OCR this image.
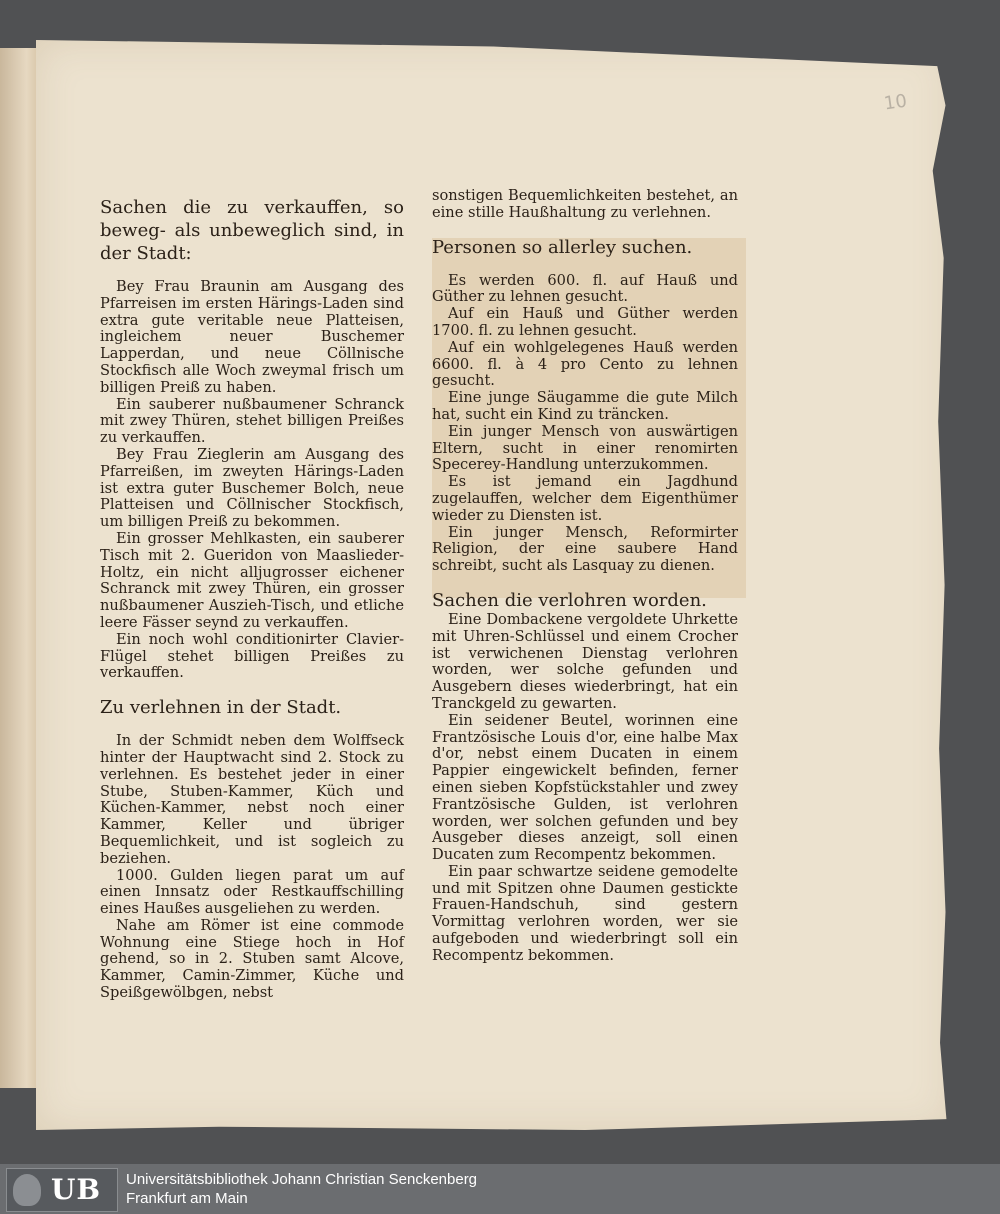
10

Sachen die zu verkauffen, so beweg- als unbeweglich sind, in der Stadt:

Bey Frau Braunin am Ausgang des Pfarreisen im ersten Härings-Laden sind extra gute veritable neue Platteisen, ingleichem neuer Buschemer Lapperdan, und neue Cöllnische Stockfisch alle Woch zweymal frisch um billigen Preiß zu haben.

Ein sauberer nußbaumener Schranck mit zwey Thüren, stehet billigen Preißes zu verkauffen.

Bey Frau Zieglerin am Ausgang des Pfarreißen, im zweyten Härings-Laden ist extra guter Buschemer Bolch, neue Platteisen und Cöllnischer Stockfisch, um billigen Preiß zu bekommen.

Ein grosser Mehlkasten, ein sauberer Tisch mit 2. Gueridon von Maaslieder-Holtz, ein nicht alljugrosser eichener Schranck mit zwey Thüren, ein grosser nußbaumener Auszieh-Tisch, und etliche leere Fässer seynd zu verkauffen.

Ein noch wohl conditionirter Clavier-Flügel stehet billigen Preißes zu verkauffen.

Zu verlehnen in der Stadt.

In der Schmidt neben dem Wolffseck hinter der Hauptwacht sind 2. Stock zu verlehnen. Es bestehet jeder in einer Stube, Stuben-Kammer, Küch und Küchen-Kammer, nebst noch einer Kammer, Keller und übriger Bequemlichkeit, und ist sogleich zu beziehen.

1000. Gulden liegen parat um auf einen Innsatz oder Restkauffschilling eines Haußes ausgeliehen zu werden.

Nahe am Römer ist eine commode Wohnung eine Stiege hoch in Hof gehend, so in 2. Stuben samt Alcove, Kammer, Camin-Zimmer, Küche und Speißgewölbgen, nebst

sonstigen Bequemlichkeiten bestehet, an eine stille Haußhaltung zu verlehnen.

Personen so allerley suchen.

Es werden 600. fl. auf Hauß und Güther zu lehnen gesucht.

Auf ein Hauß und Güther werden 1700. fl. zu lehnen gesucht.

Auf ein wohlgelegenes Hauß werden 6600. fl. à 4 pro Cento zu lehnen gesucht.

Eine junge Säugamme die gute Milch hat, sucht ein Kind zu träncken.

Ein junger Mensch von auswärtigen Eltern, sucht in einer renomirten Specerey-Handlung unterzukommen.

Es ist jemand ein Jagdhund zugelauffen, welcher dem Eigenthümer wieder zu Diensten ist.

Ein junger Mensch, Reformirter Religion, der eine saubere Hand schreibt, sucht als Lasquay zu dienen.

Sachen die verlohren worden.

Eine Dombackene vergoldete Uhrkette mit Uhren-Schlüssel und einem Crocher ist verwichenen Dienstag verlohren worden, wer solche gefunden und Ausgebern dieses wiederbringt, hat ein Tranckgeld zu gewarten.

Ein seidener Beutel, worinnen eine Frantzösische Louis d'or, eine halbe Max d'or, nebst einem Ducaten in einem Pappier eingewickelt befinden, ferner einen sieben Kopfstückstahler und zwey Frantzösische Gulden, ist verlohren worden, wer solchen gefunden und bey Ausgeber dieses anzeigt, soll einen Ducaten zum Recompentz bekommen.

Ein paar schwartze seidene gemodelte und mit Spitzen ohne Daumen gestickte Frauen-Handschuh, sind gestern Vormittag verlohren worden, wer sie aufgeboden und wiederbringt soll ein Recompentz bekommen.

UB Universitätsbibliothek Johann Christian Senckenberg
Frankfurt am Main
